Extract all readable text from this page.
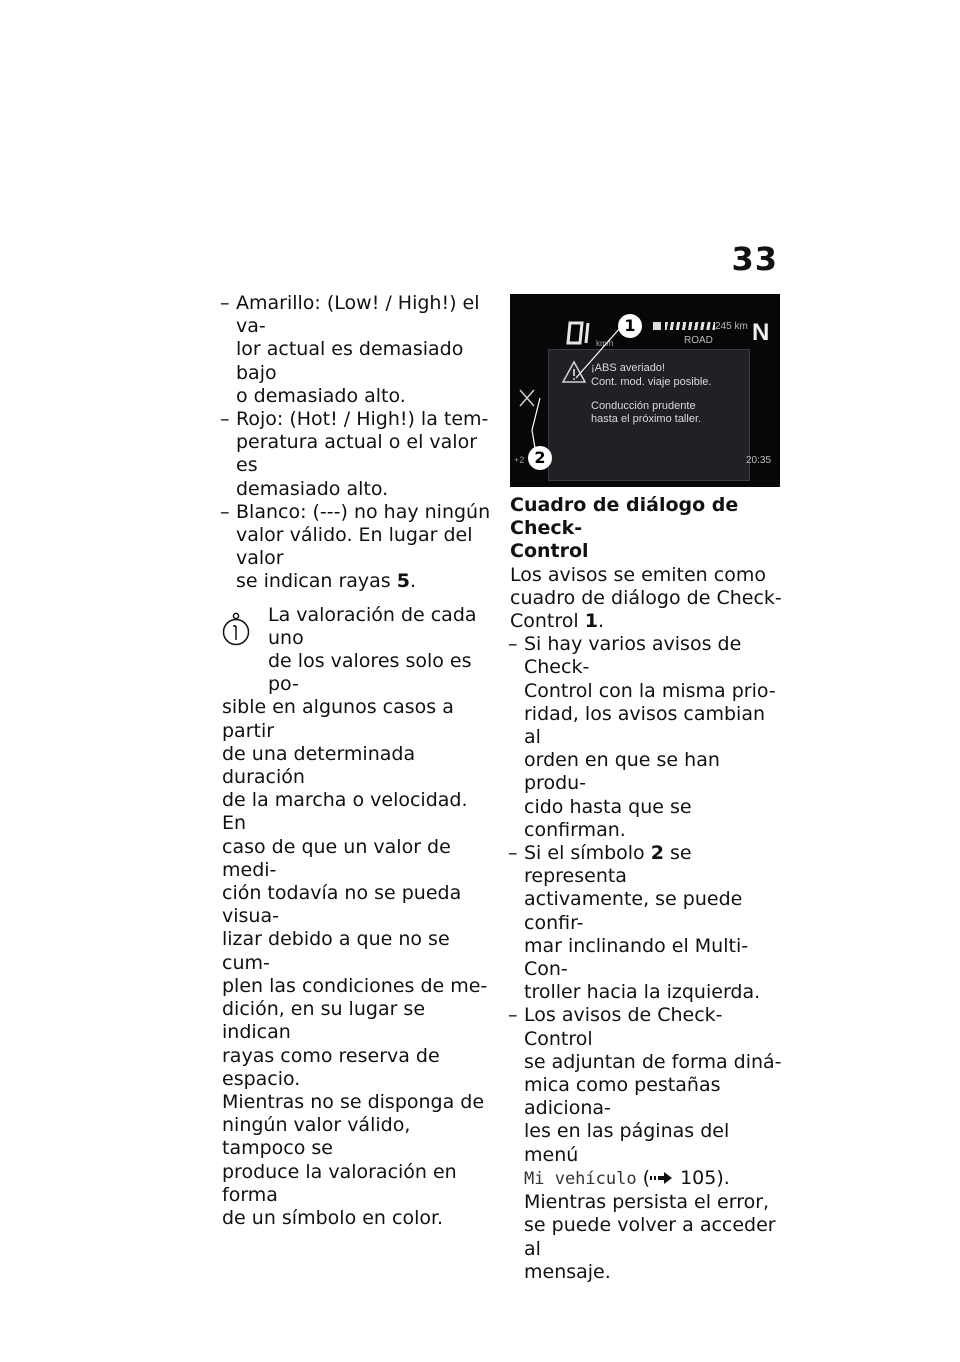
33
– Amarillo: (Low! / High!) el va-
lor actual es demasiado bajo
o demasiado alto.
– Rojo: (Hot! / High!) la tem-
peratura actual o el valor es
demasiado alto.
– Blanco: (---) no hay ningún
valor válido. En lugar del valor
se indican rayas 5.

La valoración de cada uno

de los valores solo es po-

sible en algunos casos a partir

de una determinada duración

de la marcha o velocidad. En

caso de que un valor de medi-

ción todavía no se pueda visua-

lizar debido a que no se cum-

plen las condiciones de me-

dición, en su lugar se indican

rayas como reserva de espacio.

Mientras no se disponga de

ningún valor válido, tampoco se

produce la valoración en forma

de un símbolo en color.

km/h
245 km
ROAD N
¡ABS averiado!
Cont. mod. viaje posible.
Conducción prudente
hasta el próximo taller.
+2	20:35
1
2

Cuadro de diálogo de Check-

Control

Los avisos se emiten como

cuadro de diálogo de Check-

Control 1.

– Si hay varios avisos de Check-
Control con la misma prio-
ridad, los avisos cambian al
orden en que se han produ-
cido hasta que se confirman.
– Si el símbolo 2 se representa
activamente, se puede confir-
mar inclinando el Multi-Con-
troller hacia la izquierda.
– Los avisos de Check-Control
se adjuntan de forma diná-
mica como pestañas adiciona-
les en las páginas del menú
Mi vehículo ( 105).
Mientras persista el error,
se puede volver a acceder al
mensaje.
